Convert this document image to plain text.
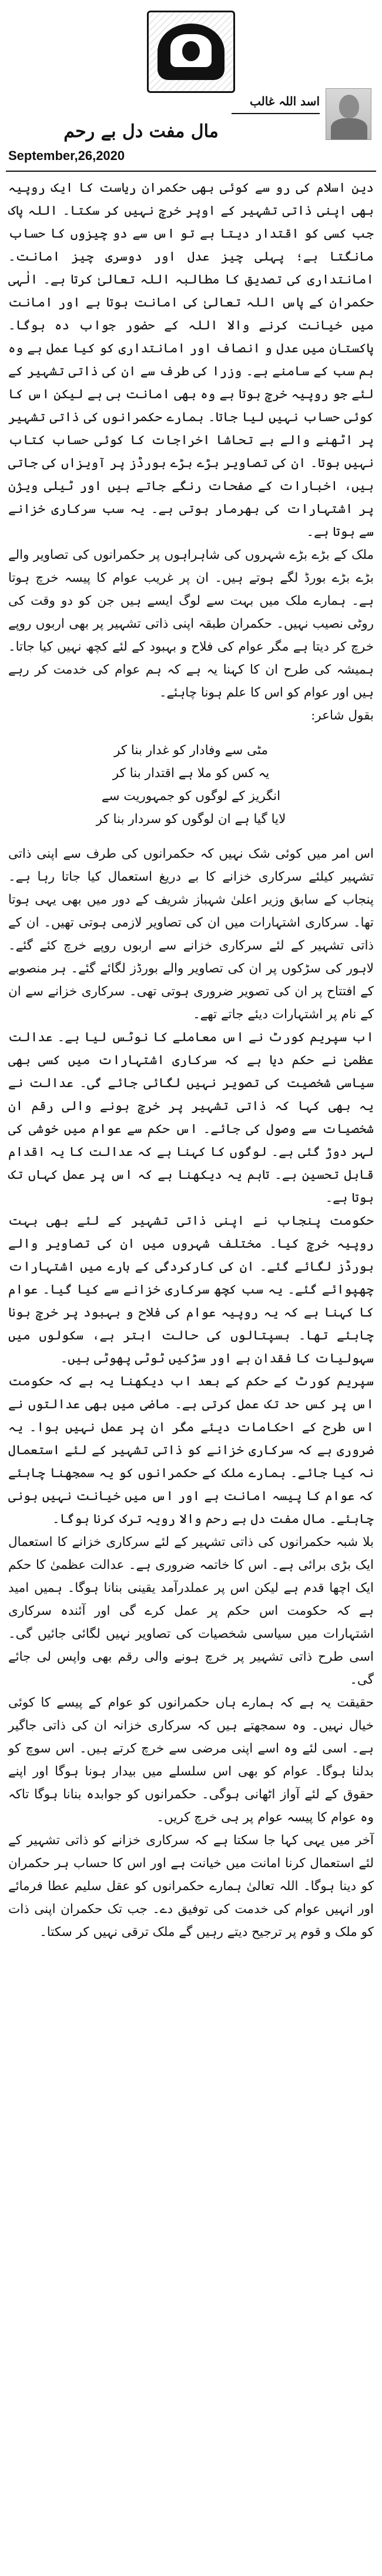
اسد اللہ غالب
مال مفت دل بے رحم
September,26,2020

دین اسلام کی رو سے کوئی بھی حکمران ریاست کا ایک روپیہ بھی اپنی ذاتی تشہیر کے اوپر خرچ نہیں کر سکتا۔ اللہ پاک جب کسی کو اقتدار دیتا ہے تو اس سے دو چیزوں کا حساب مانگتا ہے؛ پہلی چیز عدل اور دوسری چیز امانت۔ امانتداری کی تصدیق کا مطالبہ اللہ تعالیٰ کرتا ہے۔ الٰہی حکمران کے پاس اللہ تعالیٰ کی امانت ہوتا ہے اور امانت میں خیانت کرنے والا اللہ کے حضور جواب دہ ہوگا۔ پاکستان میں عدل و انصاف اور امانتداری کو کیا عمل ہے وہ ہم سب کے سامنے ہے۔ وزرا کی طرف سے ان کی ذاتی تشہیر کے لئے جو روپیہ خرچ ہوتا ہے وہ بھی امانت ہی ہے لیکن اس کا کوئی حساب نہیں لیا جاتا۔ ہمارے حکمرانوں کی ذاتی تشہیر پر اٹھنے والے بے تحاشا اخراجات کا کوئی حساب کتاب نہیں ہوتا۔ ان کی تصاویر بڑے بڑے بورڈز پر آویزاں کی جاتی ہیں، اخبارات کے صفحات رنگے جاتے ہیں اور ٹیلی ویژن پر اشتہارات کی بھرمار ہوتی ہے۔ یہ سب سرکاری خزانے سے ہوتا ہے۔

ملک کے بڑے بڑے شہروں کی شاہراہوں پر حکمرانوں کی تصاویر والے بڑے بڑے بورڈ لگے ہوتے ہیں۔ ان پر غریب عوام کا پیسہ خرچ ہوتا ہے۔ ہمارے ملک میں بہت سے لوگ ایسے ہیں جن کو دو وقت کی روٹی نصیب نہیں۔ حکمران طبقہ اپنی ذاتی تشہیر پر بھی اربوں روپے خرچ کر دیتا ہے مگر عوام کی فلاح و بہبود کے لئے کچھ نہیں کیا جاتا۔ ہمیشہ کی طرح ان کا کہنا یہ ہے کہ ہم عوام کی خدمت کر رہے ہیں اور عوام کو اس کا علم ہونا چاہئے۔

بقول شاعر:

مٹی سے وفادار کو غدار بنا کر
یہ کس کو ملا ہے اقتدار بنا کر
انگریز کے لوگوں کو جمہوریت سے
لایا گیا ہے ان لوگوں کو سردار بنا کر

اس امر میں کوئی شک نہیں کہ حکمرانوں کی طرف سے اپنی ذاتی تشہیر کیلئے سرکاری خزانے کا بے دریغ استعمال کیا جاتا رہا ہے۔ پنجاب کے سابق وزیر اعلیٰ شہباز شریف کے دور میں بھی یہی ہوتا تھا۔ سرکاری اشتہارات میں ان کی تصاویر لازمی ہوتی تھیں۔ ان کے ذاتی تشہیر کے لئے سرکاری خزانے سے اربوں روپے خرچ کئے گئے۔ لاہور کی سڑکوں پر ان کی تصاویر والے بورڈز لگائے گئے۔ ہر منصوبے کے افتتاح پر ان کی تصویر ضروری ہوتی تھی۔ سرکاری خزانے سے ان کے نام پر اشتہارات دیئے جاتے تھے۔

اب سپریم کورٹ نے اس معاملے کا نوٹس لیا ہے۔ عدالت عظمیٰ نے حکم دیا ہے کہ سرکاری اشتہارات میں کسی بھی سیاسی شخصیت کی تصویر نہیں لگائی جائے گی۔ عدالت نے یہ بھی کہا کہ ذاتی تشہیر پر خرچ ہونے والی رقم ان شخصیات سے وصول کی جائے۔ اس حکم سے عوام میں خوشی کی لہر دوڑ گئی ہے۔ لوگوں کا کہنا ہے کہ عدالت کا یہ اقدام قابل تحسین ہے۔ تاہم یہ دیکھنا ہے کہ اس پر عمل کہاں تک ہوتا ہے۔

حکومت پنجاب نے اپنی ذاتی تشہیر کے لئے بھی بہت روپیہ خرچ کیا۔ مختلف شہروں میں ان کی تصاویر والے بورڈز لگائے گئے۔ ان کی کارکردگی کے بارے میں اشتہارات چھپوائے گئے۔ یہ سب کچھ سرکاری خزانے سے کیا گیا۔ عوام کا کہنا ہے کہ یہ روپیہ عوام کی فلاح و بہبود پر خرچ ہونا چاہئے تھا۔ ہسپتالوں کی حالت ابتر ہے، سکولوں میں سہولیات کا فقدان ہے اور سڑکیں ٹوٹی پھوٹی ہیں۔

سپریم کورٹ کے حکم کے بعد اب دیکھنا یہ ہے کہ حکومت اس پر کس حد تک عمل کرتی ہے۔ ماضی میں بھی عدالتوں نے اس طرح کے احکامات دیئے مگر ان پر عمل نہیں ہوا۔ یہ ضروری ہے کہ سرکاری خزانے کو ذاتی تشہیر کے لئے استعمال نہ کیا جائے۔ ہمارے ملک کے حکمرانوں کو یہ سمجھنا چاہئے کہ عوام کا پیسہ امانت ہے اور اس میں خیانت نہیں ہونی چاہئے۔ مال مفت دل بے رحم والا رویہ ترک کرنا ہوگا۔

بلا شبہ حکمرانوں کی ذاتی تشہیر کے لئے سرکاری خزانے کا استعمال ایک بڑی برائی ہے۔ اس کا خاتمہ ضروری ہے۔ عدالت عظمیٰ کا حکم ایک اچھا قدم ہے لیکن اس پر عملدرآمد یقینی بنانا ہوگا۔ ہمیں امید ہے کہ حکومت اس حکم پر عمل کرے گی اور آئندہ سرکاری اشتہارات میں سیاسی شخصیات کی تصاویر نہیں لگائی جائیں گی۔ اسی طرح ذاتی تشہیر پر خرچ ہونے والی رقم بھی واپس لی جائے گی۔

حقیقت یہ ہے کہ ہمارے ہاں حکمرانوں کو عوام کے پیسے کا کوئی خیال نہیں۔ وہ سمجھتے ہیں کہ سرکاری خزانہ ان کی ذاتی جاگیر ہے۔ اسی لئے وہ اسے اپنی مرضی سے خرچ کرتے ہیں۔ اس سوچ کو بدلنا ہوگا۔ عوام کو بھی اس سلسلے میں بیدار ہونا ہوگا اور اپنے حقوق کے لئے آواز اٹھانی ہوگی۔ حکمرانوں کو جوابدہ بنانا ہوگا تاکہ وہ عوام کا پیسہ عوام پر ہی خرچ کریں۔

آخر میں یہی کہا جا سکتا ہے کہ سرکاری خزانے کو ذاتی تشہیر کے لئے استعمال کرنا امانت میں خیانت ہے اور اس کا حساب ہر حکمران کو دینا ہوگا۔ اللہ تعالیٰ ہمارے حکمرانوں کو عقل سلیم عطا فرمائے اور انہیں عوام کی خدمت کی توفیق دے۔ جب تک حکمران اپنی ذات کو ملک و قوم پر ترجیح دیتے رہیں گے ملک ترقی نہیں کر سکتا۔
